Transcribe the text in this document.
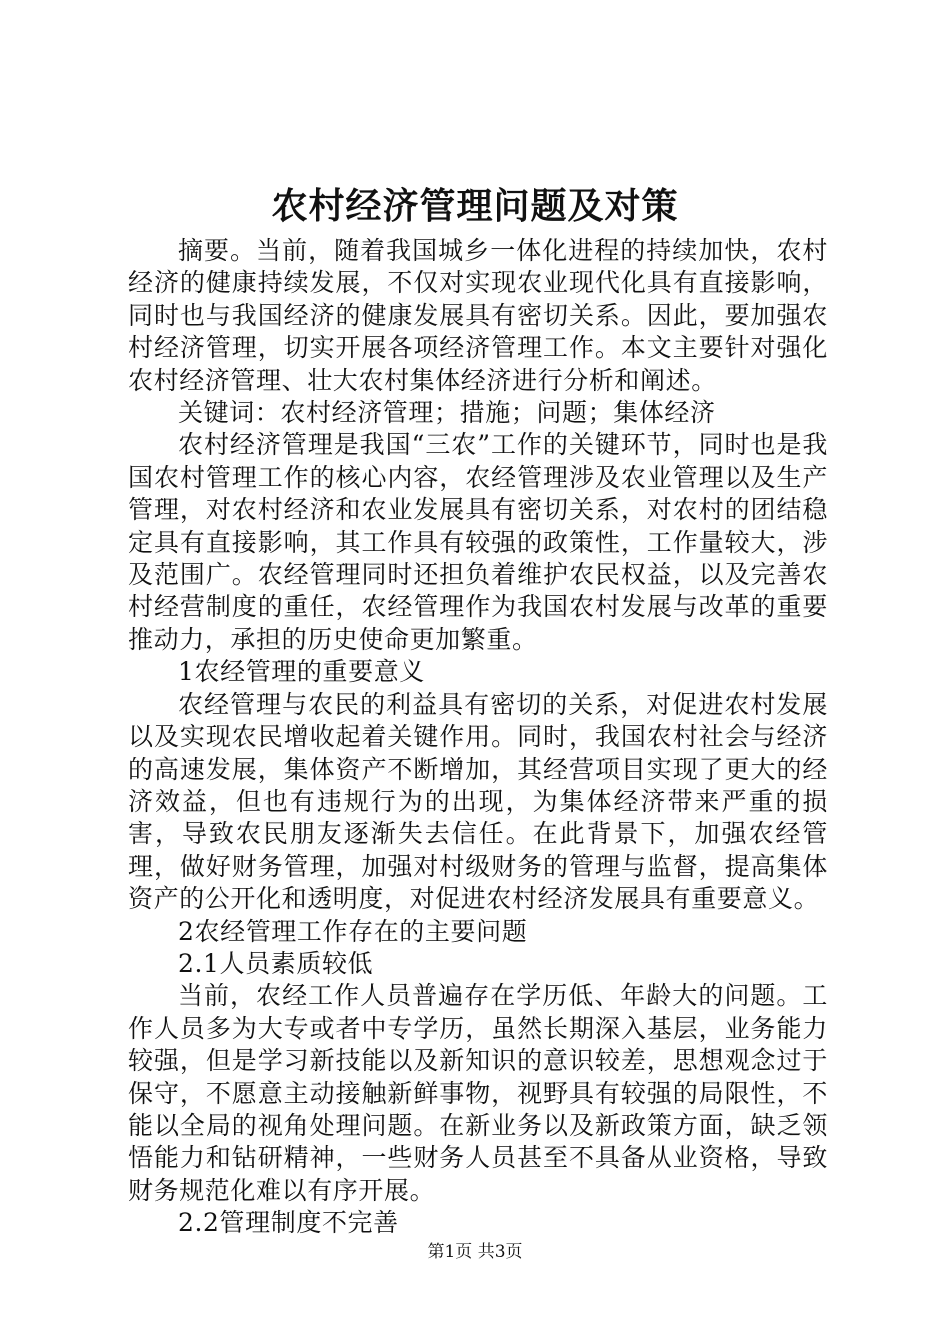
农村经济管理问题及对策

摘要。当前，随着我国城乡一体化进程的持续加快，农村经济的健康持续发展，不仅对实现农业现代化具有直接影响，同时也与我国经济的健康发展具有密切关系。因此，要加强农村经济管理，切实开展各项经济管理工作。本文主要针对强化农村经济管理、壮大农村集体经济进行分析和阐述。

关键词：农村经济管理；措施；问题；集体经济

农村经济管理是我国“三农”工作的关键环节，同时也是我国农村管理工作的核心内容，农经管理涉及农业管理以及生产管理，对农村经济和农业发展具有密切关系，对农村的团结稳定具有直接影响，其工作具有较强的政策性，工作量较大，涉及范围广。农经管理同时还担负着维护农民权益，以及完善农村经营制度的重任，农经管理作为我国农村发展与改革的重要推动力，承担的历史使命更加繁重。

1农经管理的重要意义

农经管理与农民的利益具有密切的关系，对促进农村发展以及实现农民增收起着关键作用。同时，我国农村社会与经济的高速发展，集体资产不断增加，其经营项目实现了更大的经济效益，但也有违规行为的出现，为集体经济带来严重的损害，导致农民朋友逐渐失去信任。在此背景下，加强农经管理，做好财务管理，加强对村级财务的管理与监督，提高集体资产的公开化和透明度，对促进农村经济发展具有重要意义。

2农经管理工作存在的主要问题

2.1人员素质较低

当前，农经工作人员普遍存在学历低、年龄大的问题。工作人员多为大专或者中专学历，虽然长期深入基层，业务能力较强，但是学习新技能以及新知识的意识较差，思想观念过于保守，不愿意主动接触新鲜事物，视野具有较强的局限性，不能以全局的视角处理问题。在新业务以及新政策方面，缺乏领悟能力和钻研精神，一些财务人员甚至不具备从业资格，导致财务规范化难以有序开展。

2.2管理制度不完善

第1页 共3页
